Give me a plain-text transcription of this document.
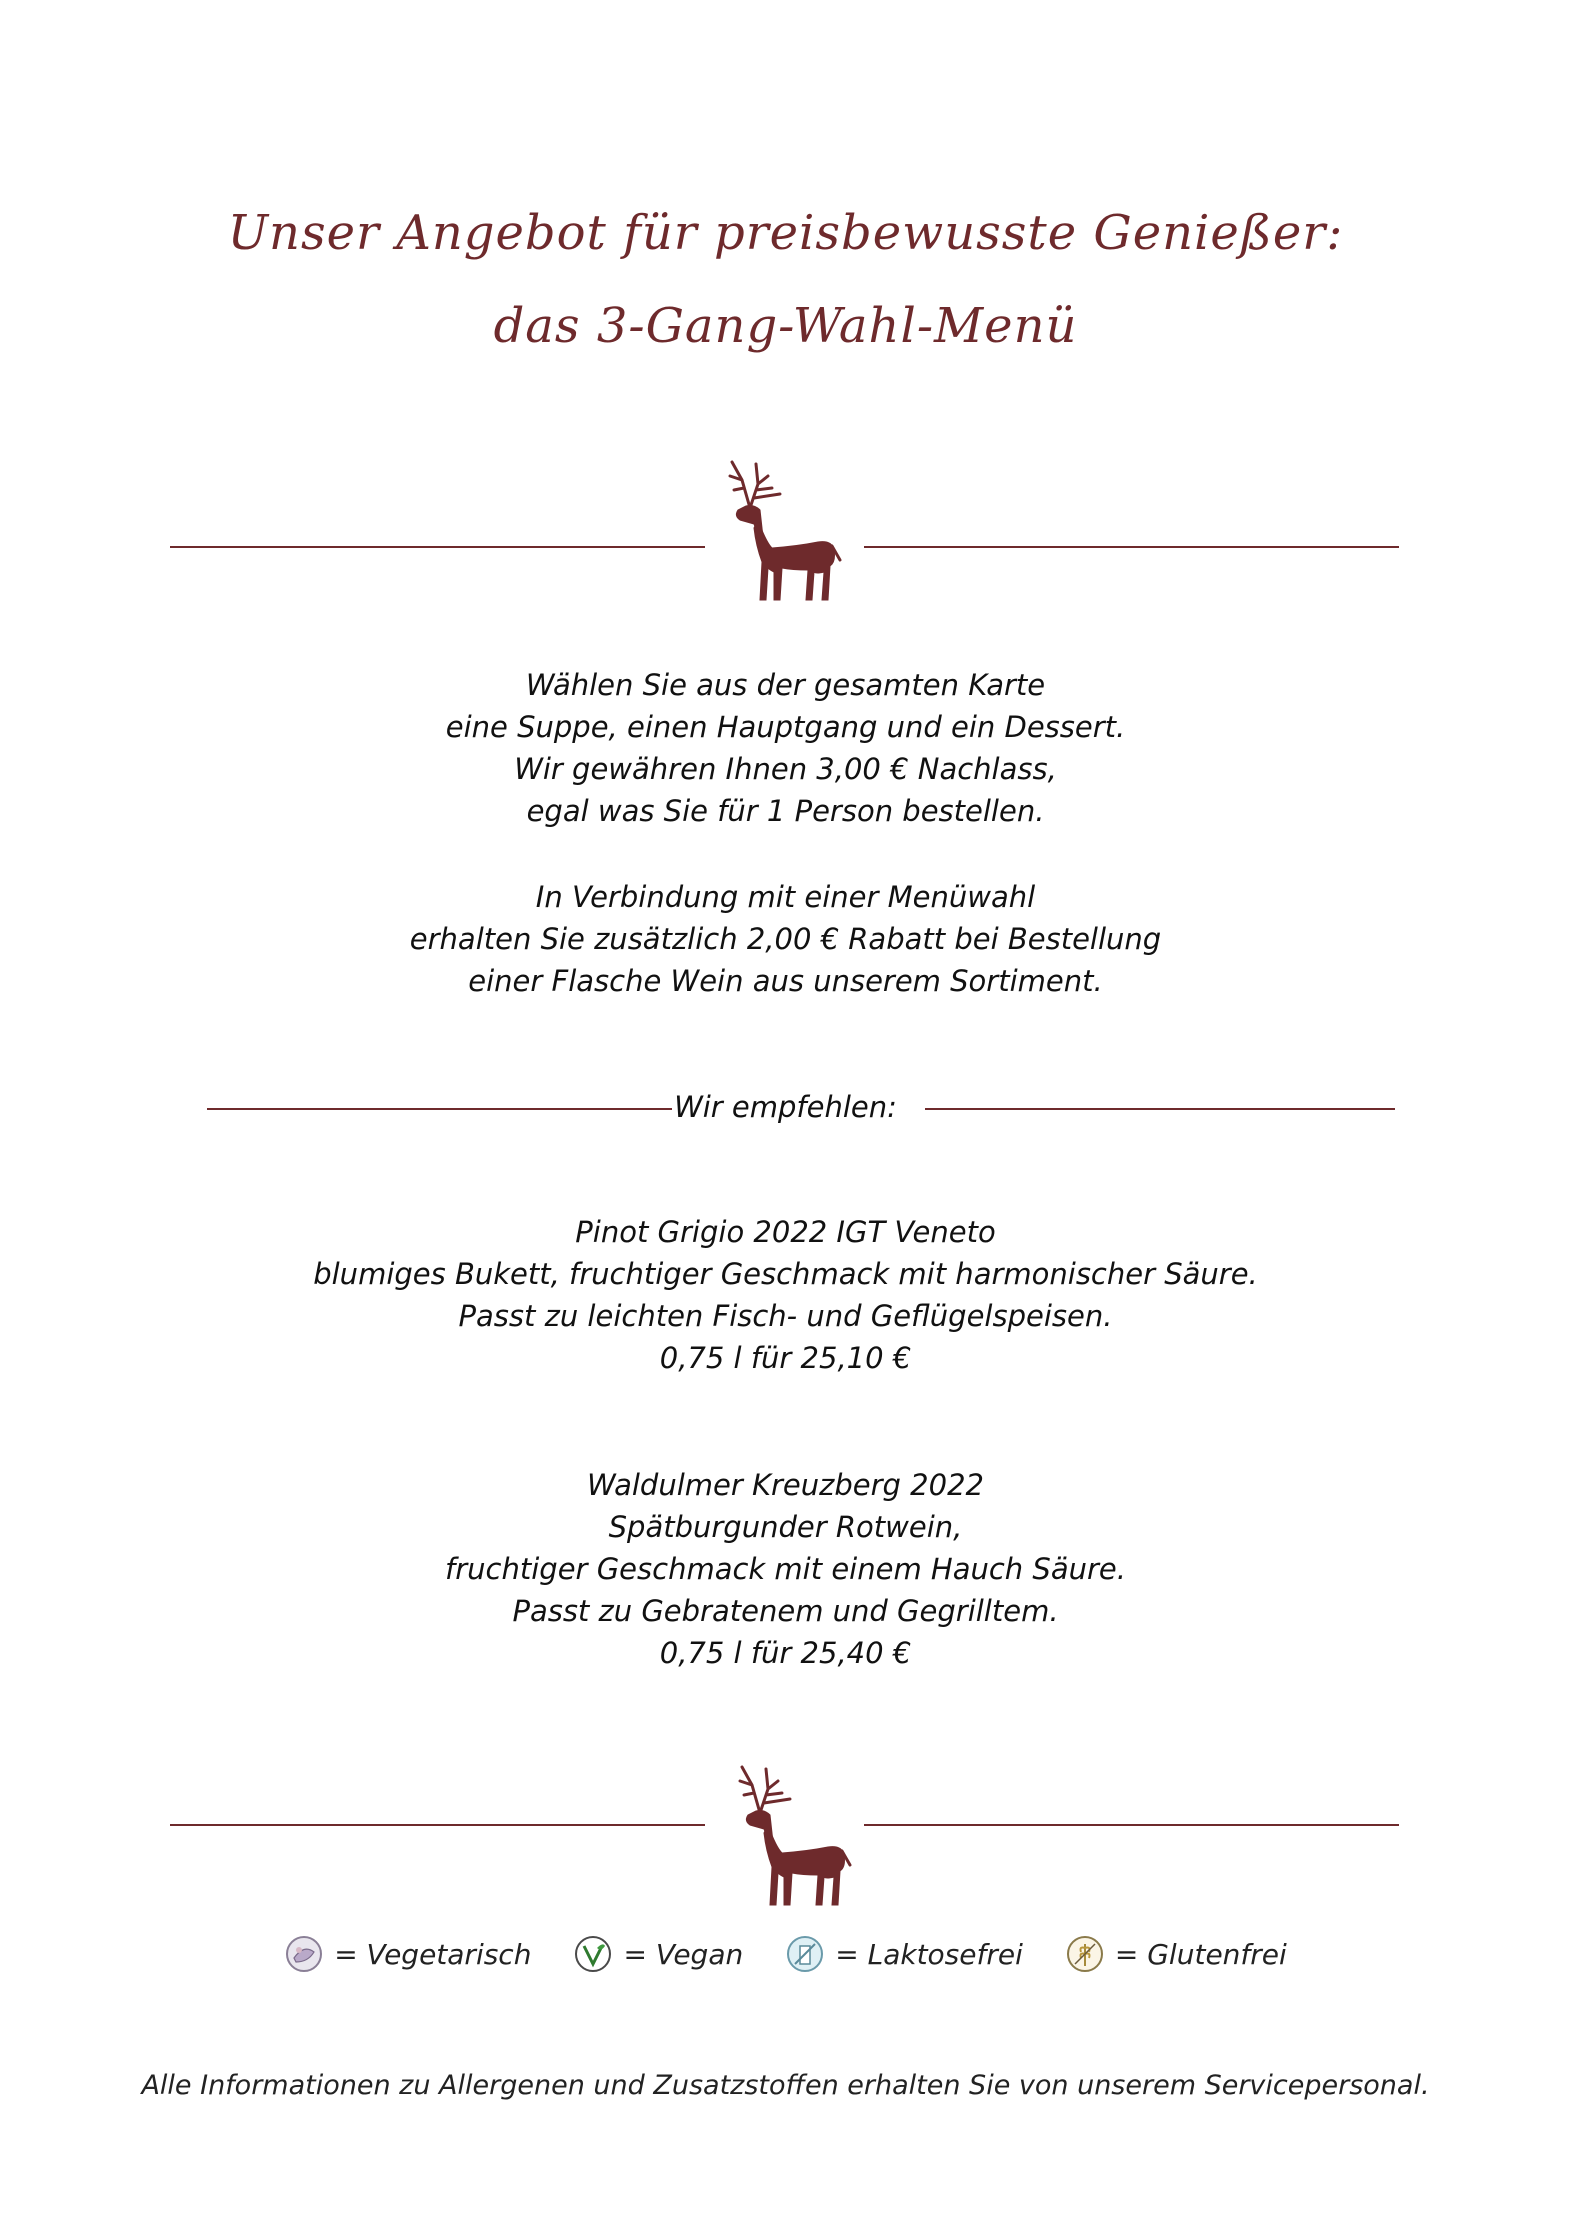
Unser Angebot für preisbewusste Genießer:
das 3-Gang-Wahl-Menü
Wählen Sie aus der gesamten Karte
eine Suppe, einen Hauptgang und ein Dessert.
Wir gewähren Ihnen 3,00 € Nachlass,
egal was Sie für 1 Person bestellen.
In Verbindung mit einer Menüwahl
erhalten Sie zusätzlich 2,00 € Rabatt bei Bestellung
einer Flasche Wein aus unserem Sortiment.
Wir empfehlen:
Pinot Grigio 2022 IGT Veneto
blumiges Bukett, fruchtiger Geschmack mit harmonischer Säure.
Passt zu leichten Fisch- und Geflügelspeisen.
0,75 l für 25,10 €
Waldulmer Kreuzberg 2022
Spätburgunder Rotwein,
fruchtiger Geschmack mit einem Hauch Säure.
Passt zu Gebratenem und Gegrilltem.
0,75 l für 25,40 €
= Vegetarisch	= Vegan	= Laktosefrei	= Glutenfrei
Alle Informationen zu Allergenen und Zusatzstoffen erhalten Sie von unserem Servicepersonal.
